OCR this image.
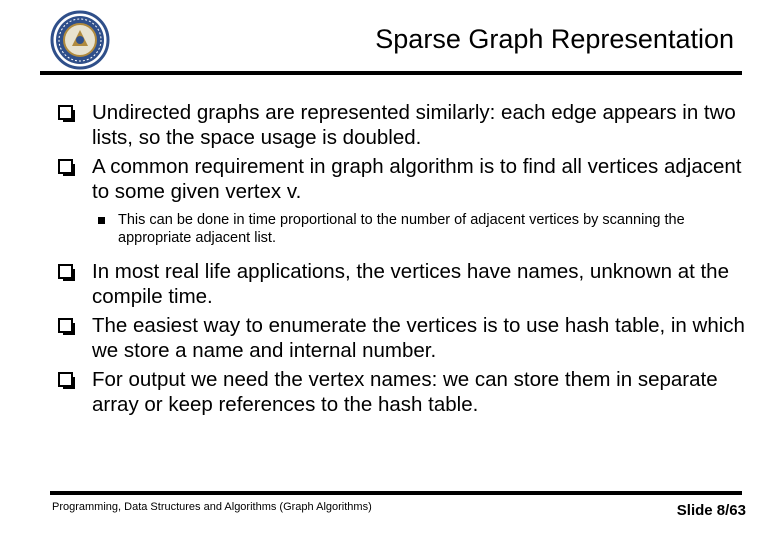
Sparse Graph Representation
Undirected graphs are represented similarly: each edge appears in two lists, so the space usage is doubled.
A common requirement in graph algorithm is to find all vertices adjacent to some given vertex v.
This can be done in time proportional to the number of adjacent vertices by scanning the appropriate adjacent list.
In most real life applications, the vertices have names, unknown at the compile time.
The easiest way to enumerate the vertices is to use hash table, in which we store a name and internal number.
For output we need the vertex names: we can store them in separate array or keep references to the hash table.
Programming, Data Structures and Algorithms (Graph Algorithms)	Slide 8/63
